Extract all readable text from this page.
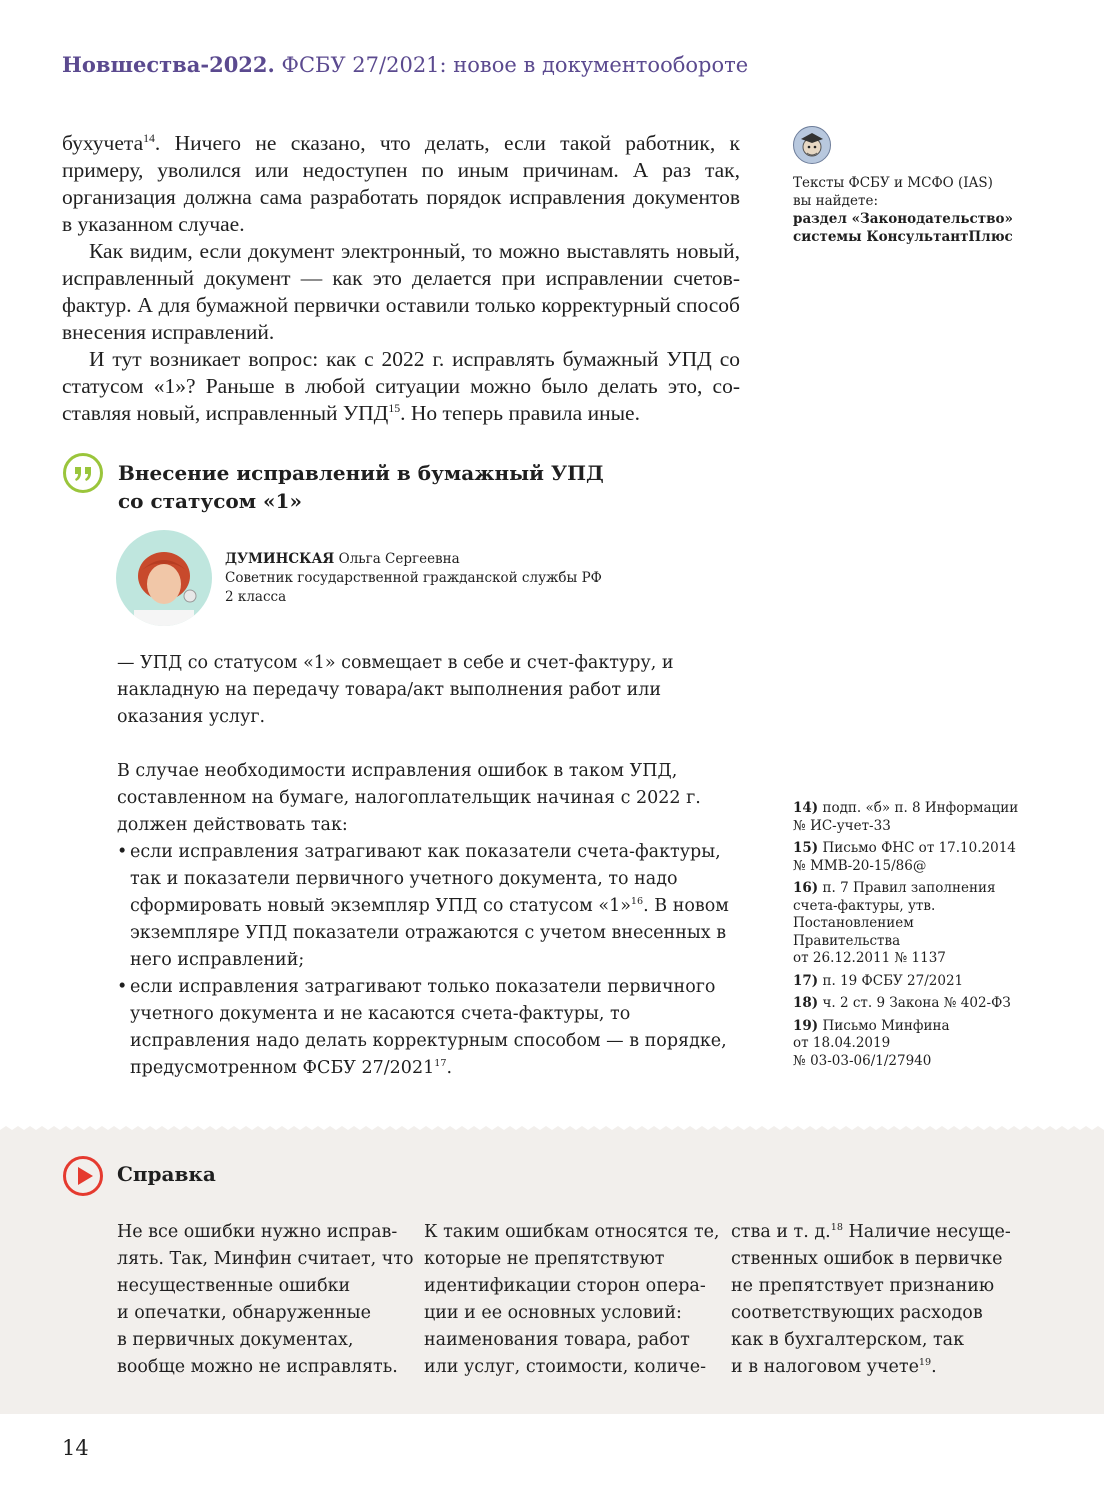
Новшества-2022. ФСБУ 27/2021: новое в документообороте

бухучета$^{14}$. Ничего не сказано, что делать, если такой работник, к примеру, уволился или недоступен по иным причинам. А раз так, организация должна сама разработать порядок исправления документов в указанном случае.

Как видим, если документ электронный, то можно выставлять новый, исправленный документ — как это делается при исправлении счетов-фактур. А для бумажной первички оставили только корректурный способ внесения исправлений.

И тут возникает вопрос: как с 2022 г. исправлять бумажный УПД со статусом «1»? Раньше в любой ситуации можно было делать это, составляя новый, исправленный УПД$^{15}$. Но теперь правила иные.

Тексты ФСБУ и МСФО (IAS)
вы найдете:
раздел «Законодательство»
системы КонсультантПлюс
Внесение исправлений в бумажный УПД
со статусом «1»
ДУМИНСКАЯ Ольга Сергеевна
Советник государственной гражданской службы РФ
2 класса

— УПД со статусом «1» совмещает в себе и счет-фактуру, и накладную на передачу товара/акт выполнения работ или оказания услуг.

В случае необходимости исправления ошибок в таком УПД, составленном на бумаге, налогоплательщик начиная с 2022 г. должен действовать так:

• если исправления затрагивают как показатели счета-фактуры, так и показатели первичного учетного документа, то надо сформировать новый экземпляр УПД со статусом «1»$^{16}$. В новом экземпляре УПД показатели отражаются с учетом внесенных в него исправлений;

• если исправления затрагивают только показатели первичного учетного документа и не касаются счета-фактуры, то исправления надо делать корректурным способом — в порядке, предусмотренном ФСБУ 27/2021$^{17}$.

14) подп. «б» п. 8 Информации
№ ИС-учет-33
15) Письмо ФНС от 17.10.2014
№ ММВ-20-15/86@
16) п. 7 Правил заполнения
счета-фактуры, утв.
Постановлением Правительства
от 26.12.2011 № 1137
17) п. 19 ФСБУ 27/2021
18) ч. 2 ст. 9 Закона № 402-ФЗ
19) Письмо Минфина
от 18.04.2019
№ 03-03-06/1/27940
Справка
Не все ошибки нужно исправ-
лять. Так, Минфин считает, что
несущественные ошибки
и опечатки, обнаруженные
в первичных документах,
вообще можно не исправлять.
К таким ошибкам относятся те,
которые не препятствуют
идентификации сторон опера-
ции и ее основных условий:
наименования товара, работ
или услуг, стоимости, количе-
ства и т. д.$^{18}$ Наличие несуще-
ственных ошибок в первичке
не препятствует признанию
соответствующих расходов
как в бухгалтерском, так
и в налоговом учете$^{19}$.
14
